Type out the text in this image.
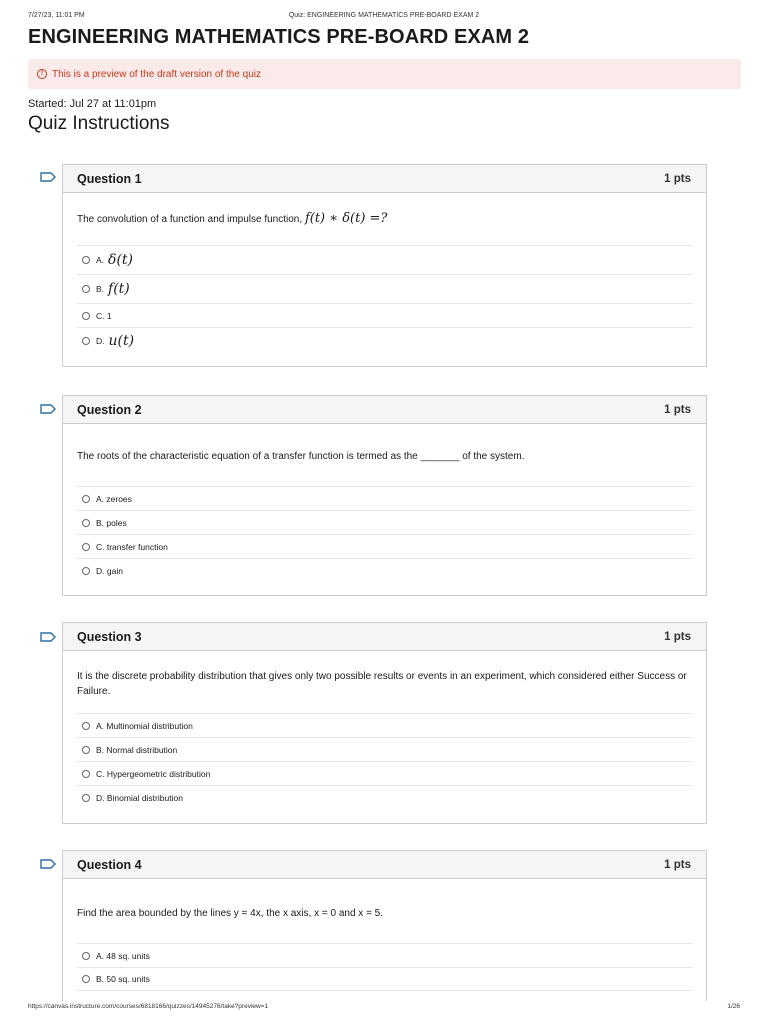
7/27/23, 11:01 PM	Quiz: ENGINEERING MATHEMATICS PRE-BOARD EXAM 2
ENGINEERING MATHEMATICS PRE-BOARD EXAM 2
! This is a preview of the draft version of the quiz
Started: Jul 27 at 11:01pm
Quiz Instructions
Question 1	1 pts
The convolution of a function and impulse function, f(t) ∗ δ(t) =?
A. δ(t)
B. f(t)
C. 1
D. u(t)
Question 2	1 pts
The roots of the characteristic equation of a transfer function is termed as the _______ of the system.
A. zeroes
B. poles
C. transfer function
D. gain
Question 3	1 pts
It is the discrete probability distribution that gives only two possible results or events in an experiment, which considered either Success or Failure.
A. Multinomial distribution
B. Normal distribution
C. Hypergeometric distribution
D. Binomial distribution
Question 4	1 pts
Find the area bounded by the lines y = 4x, the x axis, x = 0 and x = 5.
A. 48 sq. units
B. 50 sq. units
https://canvas.instructure.com/courses/6818166/quizzes/14945276/take?preview=1	1/26
